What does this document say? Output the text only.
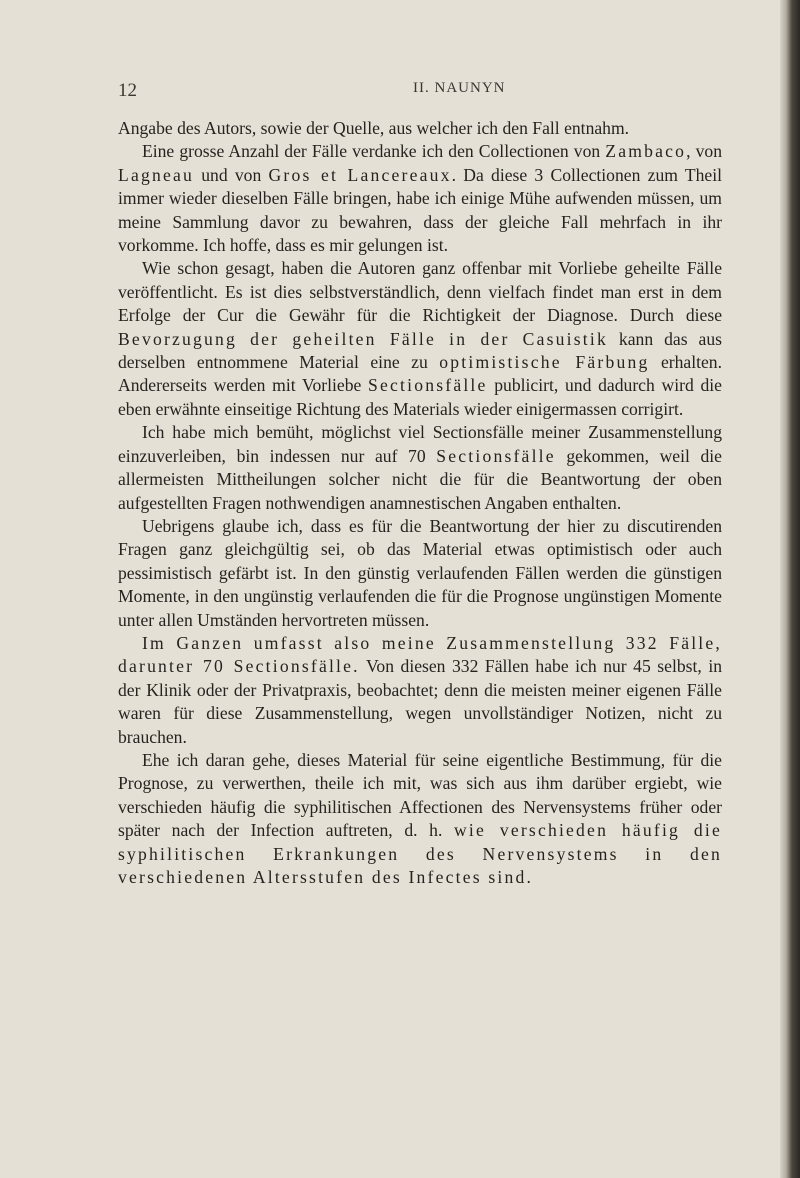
12	II. NAUNYN

Angabe des Autors, sowie der Quelle, aus welcher ich den Fall entnahm.

Eine grosse Anzahl der Fälle verdanke ich den Collectionen von Zambaco, von Lagneau und von Gros et Lancereaux. Da diese 3 Collectionen zum Theil immer wieder dieselben Fälle bringen, habe ich einige Mühe aufwenden müssen, um meine Sammlung davor zu bewahren, dass der gleiche Fall mehrfach in ihr vorkomme. Ich hoffe, dass es mir gelungen ist.

Wie schon gesagt, haben die Autoren ganz offenbar mit Vorliebe geheilte Fälle veröffentlicht. Es ist dies selbstverständlich, denn vielfach findet man erst in dem Erfolge der Cur die Gewähr für die Richtigkeit der Diagnose. Durch diese Bevorzugung der geheilten Fälle in der Casuistik kann das aus derselben entnommene Material eine zu optimistische Färbung erhalten. Andererseits werden mit Vorliebe Sectionsfälle publicirt, und dadurch wird die eben erwähnte einseitige Richtung des Materials wieder einigermassen corrigirt.

Ich habe mich bemüht, möglichst viel Sectionsfälle meiner Zusammenstellung einzuverleiben, bin indessen nur auf 70 Sectionsfälle gekommen, weil die allermeisten Mittheilungen solcher nicht die für die Beantwortung der oben aufgestellten Fragen nothwendigen anamnestischen Angaben enthalten.

Uebrigens glaube ich, dass es für die Beantwortung der hier zu discutirenden Fragen ganz gleichgültig sei, ob das Material etwas optimistisch oder auch pessimistisch gefärbt ist. In den günstig verlaufenden Fällen werden die günstigen Momente, in den ungünstig verlaufenden die für die Prognose ungünstigen Momente unter allen Umständen hervortreten müssen.

Im Ganzen umfasst also meine Zusammenstellung 332 Fälle, darunter 70 Sectionsfälle. Von diesen 332 Fällen habe ich nur 45 selbst, in der Klinik oder der Privatpraxis, beobachtet; denn die meisten meiner eigenen Fälle waren für diese Zusammenstellung, wegen unvollständiger Notizen, nicht zu brauchen.

Ehe ich daran gehe, dieses Material für seine eigentliche Bestimmung, für die Prognose, zu verwerthen, theile ich mit, was sich aus ihm darüber ergiebt, wie verschieden häufig die syphilitischen Affectionen des Nervensystems früher oder später nach der Infection auftreten, d. h. wie verschieden häufig die syphilitischen Erkrankungen des Nervensystems in den verschiedenen Altersstufen des Infectes sind.
